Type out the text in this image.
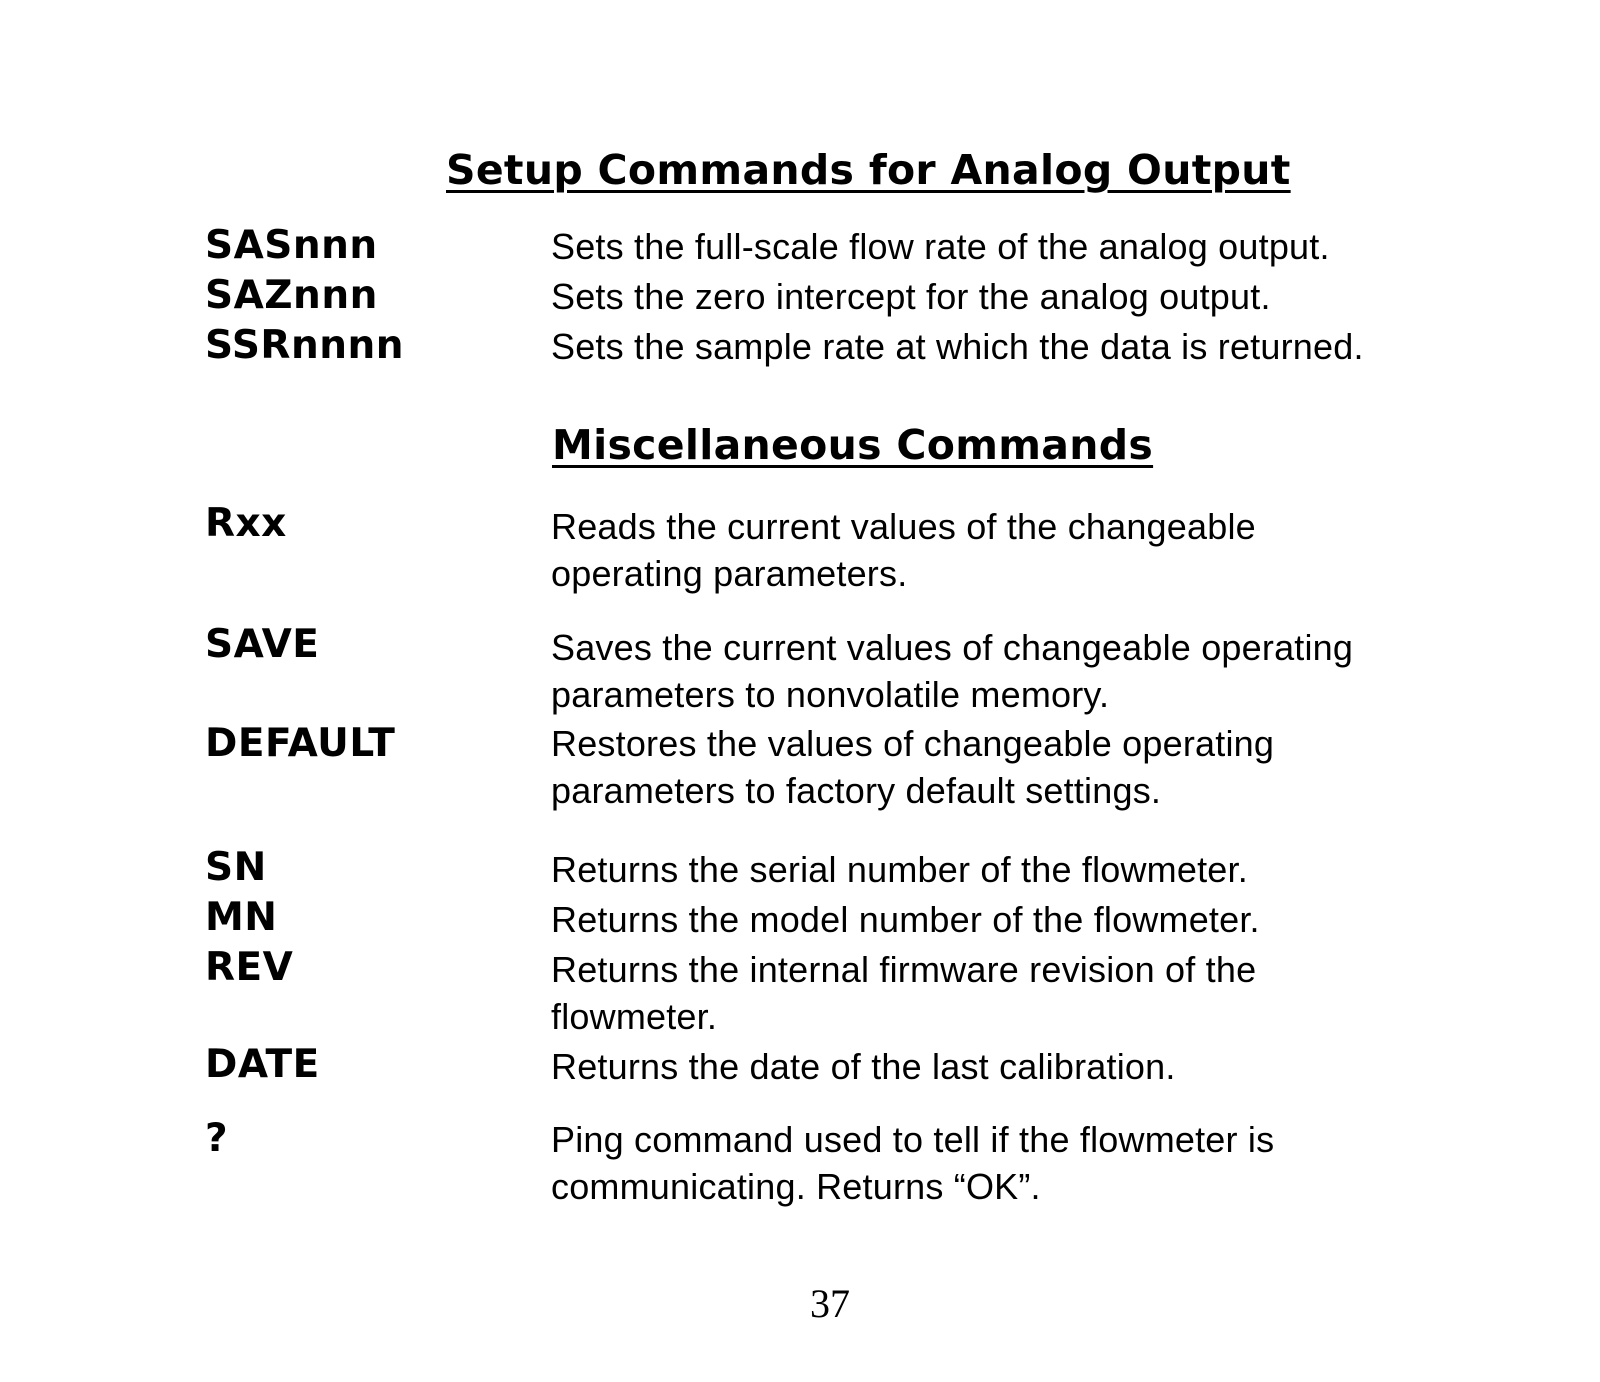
Setup Commands for Analog Output
SASnnn	Sets the full-scale flow rate of the analog output.
SAZnnn	Sets the zero intercept for the analog output.
SSRnnnn	Sets the sample rate at which the data is returned.
Miscellaneous Commands
Rxx	Reads the current values of the changeable
operating parameters.
SAVE	Saves the current values of changeable operating
parameters to nonvolatile memory.
DEFAULT	Restores the values of changeable operating
parameters to factory default settings.
SN	Returns the serial number of the flowmeter.
MN	Returns the model number of the flowmeter.
REV	Returns the internal firmware revision of the
flowmeter.
DATE	Returns the date of the last calibration.
?	Ping command used to tell if the flowmeter is
communicating. Returns “OK”.
37
